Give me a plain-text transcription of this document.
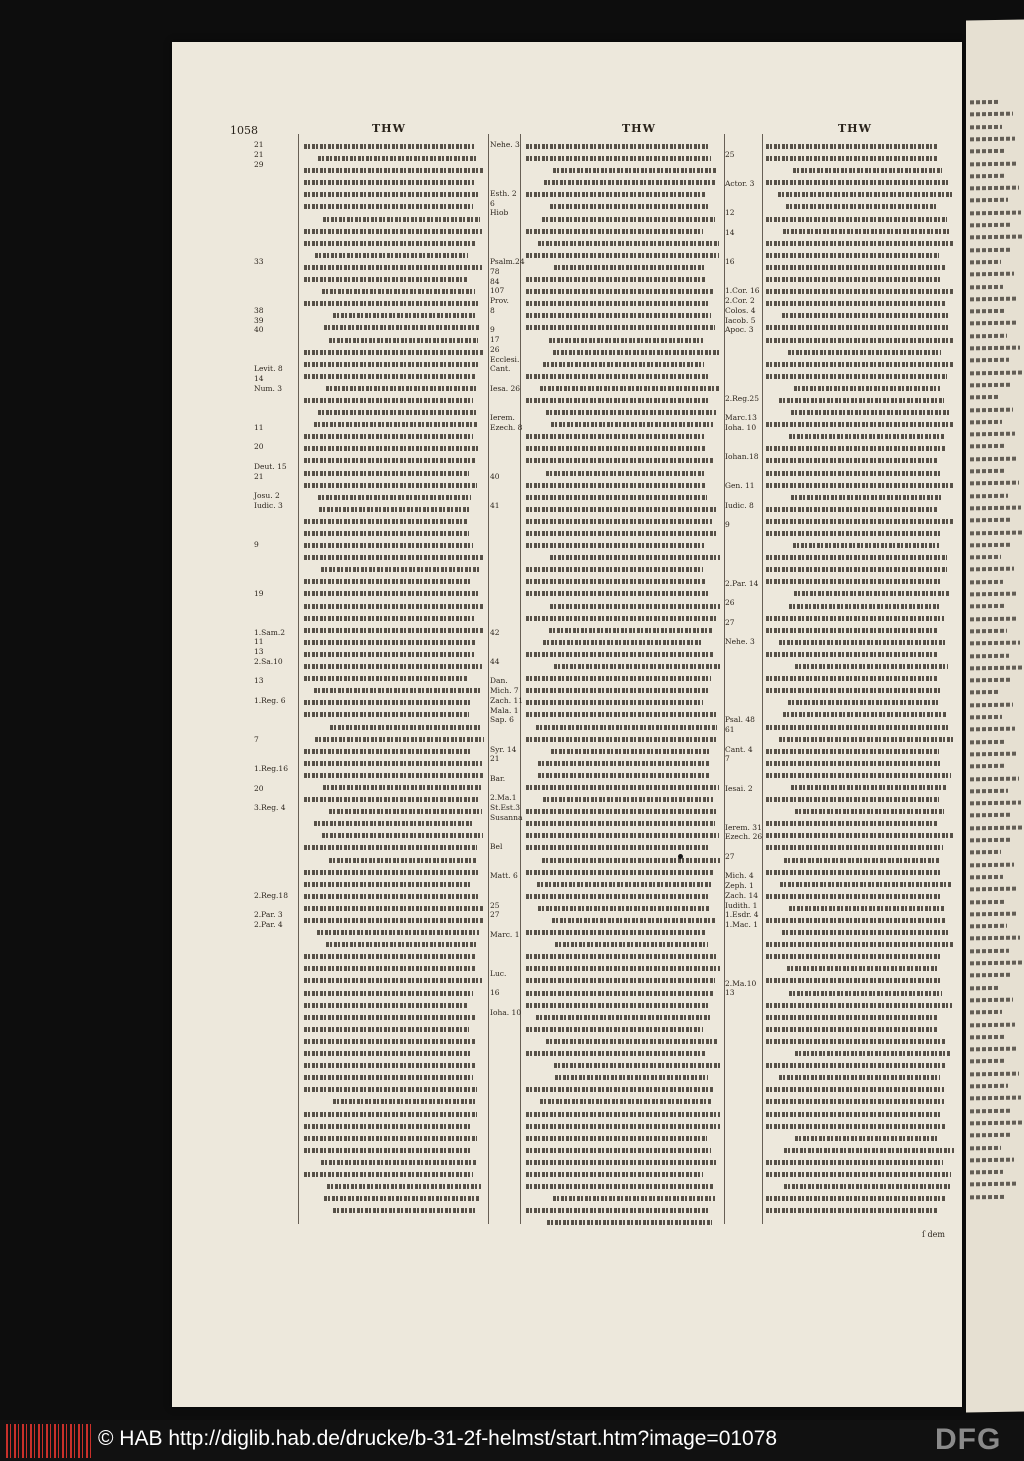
1058	THW	THW	THW
21
21
29

33

38
39
40

Levit. 8
14
Num. 3

11

20

Deut. 15
21

Josu. 2
Iudic. 3

9

19

1.Sam.2
11
13
2.Sa.10

13

1.Reg. 6

7

1.Reg.16

20

3.Reg. 4

2.Reg.18

2.Par. 3
2.Par. 4
Nehe. 3

Esth. 2
6
Hiob

Psalm.24
78
84
107
Prov.
8

9
17
26
Ecclesi.
Cant.

Iesa. 26

Ierem.
Ezech. 8

40

41

42

44

Dan.
Mich. 7
Zach. 11
Mala. 1
Sap. 6

Syr. 14
21

Bar.

2.Ma.1
St.Est.3
Susanna

Bel

Matt. 6

25
27

Marc. 1

Luc.

16

Ioha. 10

25

Actor. 3

12

14

16

1.Cor. 16
2.Cor. 2
Colos. 4
Iacob. 5
Apoc. 3

2.Reg.25

Marc.13
Ioha. 10

Iohan.18

Gen. 11

Iudic. 8

9

2.Par. 14

26

27

Nehe. 3

Psal. 48
61

Cant. 4
7

Iesai. 2

Ierem. 31
Ezech. 26

27

Mich. 4
Zeph. 1
Zach. 14
Iudith. 1
1.Esdr. 4
1.Mac. 1

2.Ma.10
13
ſ dem
© HAB http://diglib.hab.de/drucke/b-31-2f-helmst/start.htm?image=01078	DFG
